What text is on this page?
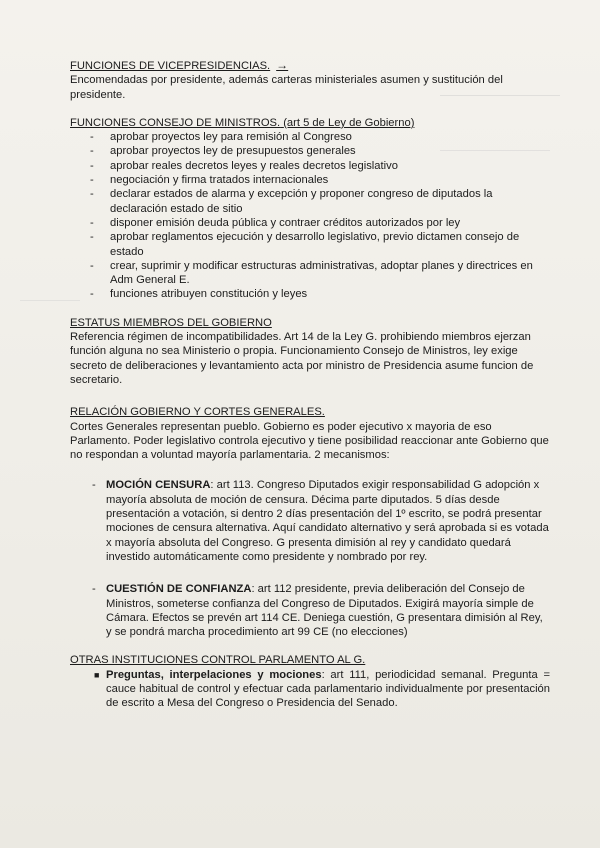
FUNCIONES DE VICEPRESIDENCIAS. →

Encomendadas por presidente, además carteras ministeriales asumen y sustitución del presidente.

FUNCIONES CONSEJO DE MINISTROS. (art 5 de Ley de Gobierno)
- aprobar proyectos ley para remisión al Congreso
- aprobar proyectos ley de presupuestos generales
- aprobar reales decretos leyes y reales decretos legislativo
- negociación y firma tratados internacionales
- declarar estados de alarma y excepción y proponer congreso de diputados la declaración estado de sitio
- disponer emisión deuda pública y contraer créditos autorizados por ley
- aprobar reglamentos ejecución y desarrollo legislativo, previo dictamen consejo de estado
- crear, suprimir y modificar estructuras administrativas, adoptar planes y directrices en Adm General E.
- funciones atribuyen constitución y leyes
ESTATUS MIEMBROS DEL GOBIERNO

Referencia régimen de incompatibilidades. Art 14 de la Ley G. prohibiendo miembros ejerzan función alguna no sea Ministerio o propia. Funcionamiento Consejo de Ministros, ley exige secreto de deliberaciones y levantamiento acta por ministro de Presidencia asume funcion de secretario.

RELACIÓN GOBIERNO Y CORTES GENERALES.

Cortes Generales representan pueblo. Gobierno es poder ejecutivo x mayoria de eso Parlamento. Poder legislativo controla ejecutivo y tiene posibilidad reaccionar ante Gobierno que no respondan a voluntad mayoría parlamentaria. 2 mecanismos:

- MOCIÓN CENSURA: art 113. Congreso Diputados exigir responsabilidad G adopción x mayoría absoluta de moción de censura. Décima parte diputados. 5 días desde presentación a votación, si dentro 2 días presentación del 1º escrito, se podrá presentar mociones de censura alternativa. Aquí candidato alternativo y será aprobada si es votada x mayoría absoluta del Congreso. G presenta dimisión al rey y candidato quedará investido automáticamente como presidente y nombrado por rey.

- CUESTIÓN DE CONFIANZA: art 112 presidente, previa deliberación del Consejo de Ministros, someterse confianza del Congreso de Diputados. Exigirá mayoría simple de Cámara. Efectos se prevén art 114 CE. Deniega cuestión, G presentara dimisión al Rey, y se pondrá marcha procedimiento art 99 CE (no elecciones)

OTRAS INSTITUCIONES CONTROL PARLAMENTO AL G.
■ Preguntas, interpelaciones y mociones: art 111, periodicidad semanal. Pregunta = cauce habitual de control y efectuar cada parlamentario individualmente por presentación de escrito a Mesa del Congreso o Presidencia del Senado.
